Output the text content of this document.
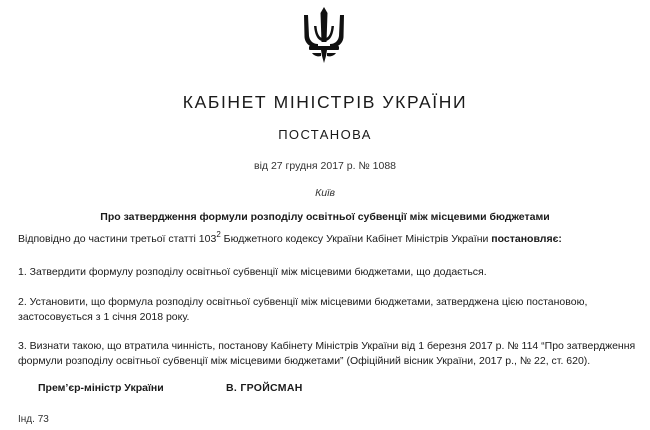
КАБІНЕТ МІНІСТРІВ УКРАЇНИ
ПОСТАНОВА
від 27 грудня 2017 р. № 1088
Київ
Про затвердження формули розподілу освітньої субвенції між місцевими бюджетами
Відповідно до частини третьої статті $103^2$ Бюджетного кодексу України Кабінет Міністрів України постановляє:
1. Затвердити формулу розподілу освітньої субвенції між місцевими бюджетами, що додається.
2. Установити, що формула розподілу освітньої субвенції між місцевими бюджетами, затверджена цією постановою, застосовується з 1 січня 2018 року.
3. Визнати такою, що втратила чинність, постанову Кабінету Міністрів України від 1 березня 2017 р. № 114 “Про затвердження формули розподілу освітньої субвенції між місцевими бюджетами” (Офіційний вісник України, 2017 р., № 22, ст. 620).
Прем’єр-міністр України	В. ГРОЙСМАН
Інд. 73
